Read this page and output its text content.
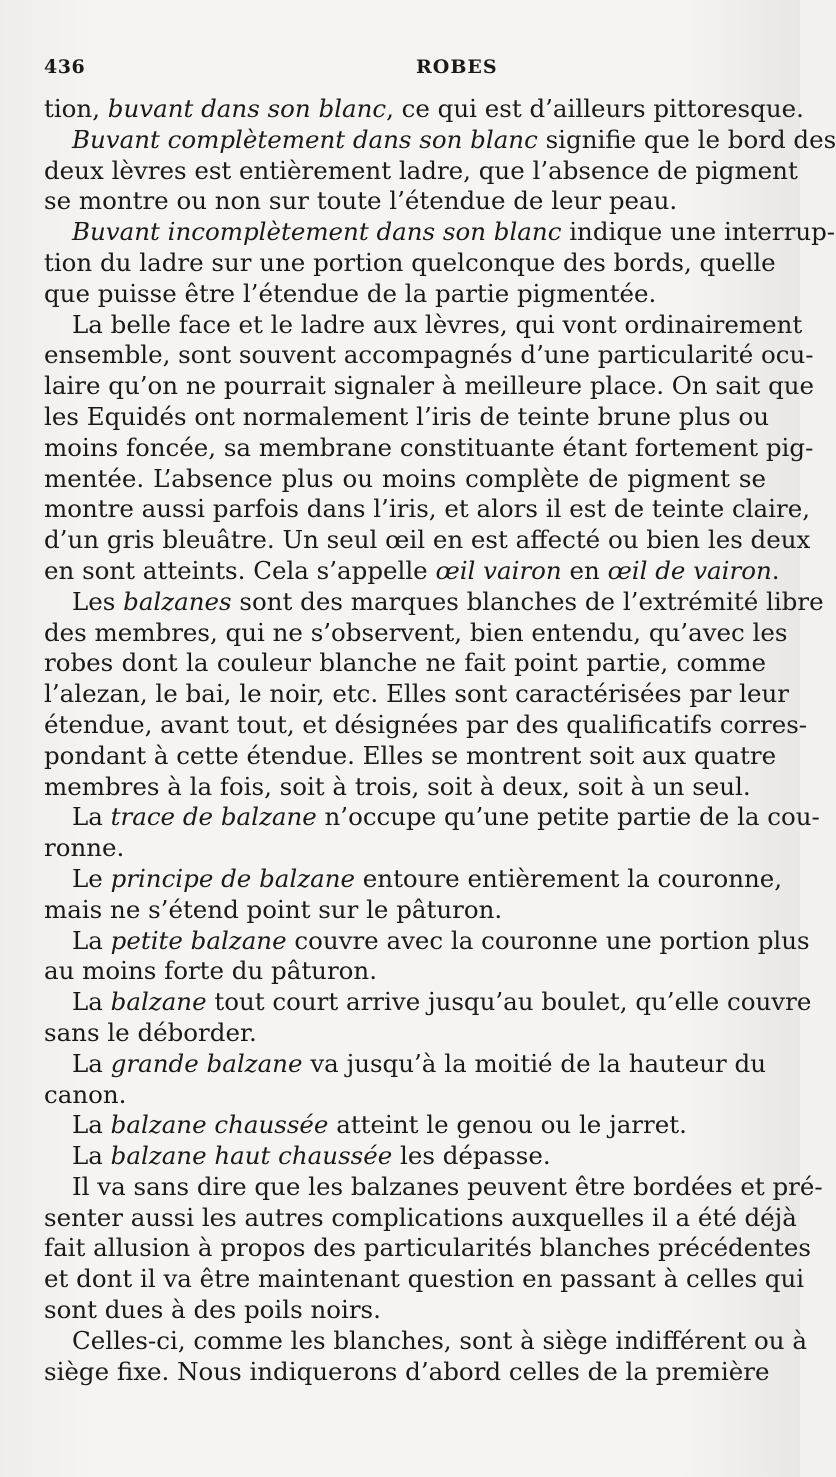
436	ROBES
tion, buvant dans son blanc, ce qui est d’ailleurs pittoresque.
Buvant complètement dans son blanc signifie que le bord des
deux lèvres est entièrement ladre, que l’absence de pigment
se montre ou non sur toute l’étendue de leur peau.
Buvant incomplètement dans son blanc indique une interrup-
tion du ladre sur une portion quelconque des bords, quelle
que puisse être l’étendue de la partie pigmentée.
La belle face et le ladre aux lèvres, qui vont ordinairement
ensemble, sont souvent accompagnés d’une particularité ocu-
laire qu’on ne pourrait signaler à meilleure place. On sait que
les Equidés ont normalement l’iris de teinte brune plus ou
moins foncée, sa membrane constituante étant fortement pig-
mentée. L’absence plus ou moins complète de pigment se
montre aussi parfois dans l’iris, et alors il est de teinte claire,
d’un gris bleuâtre. Un seul œil en est affecté ou bien les deux
en sont atteints. Cela s’appelle œil vairon en œil de vairon.
Les balzanes sont des marques blanches de l’extrémité libre
des membres, qui ne s’observent, bien entendu, qu’avec les
robes dont la couleur blanche ne fait point partie, comme
l’alezan, le bai, le noir, etc. Elles sont caractérisées par leur
étendue, avant tout, et désignées par des qualificatifs corres-
pondant à cette étendue. Elles se montrent soit aux quatre
membres à la fois, soit à trois, soit à deux, soit à un seul.
La trace de balzane n’occupe qu’une petite partie de la cou-
ronne.
Le principe de balzane entoure entièrement la couronne,
mais ne s’étend point sur le pâturon.
La petite balzane couvre avec la couronne une portion plus
au moins forte du pâturon.
La balzane tout court arrive jusqu’au boulet, qu’elle couvre
sans le déborder.
La grande balzane va jusqu’à la moitié de la hauteur du
canon.
La balzane chaussée atteint le genou ou le jarret.
La balzane haut chaussée les dépasse.
Il va sans dire que les balzanes peuvent être bordées et pré-
senter aussi les autres complications auxquelles il a été déjà
fait allusion à propos des particularités blanches précédentes
et dont il va être maintenant question en passant à celles qui
sont dues à des poils noirs.
Celles-ci, comme les blanches, sont à siège indifférent ou à
siège fixe. Nous indiquerons d’abord celles de la première
